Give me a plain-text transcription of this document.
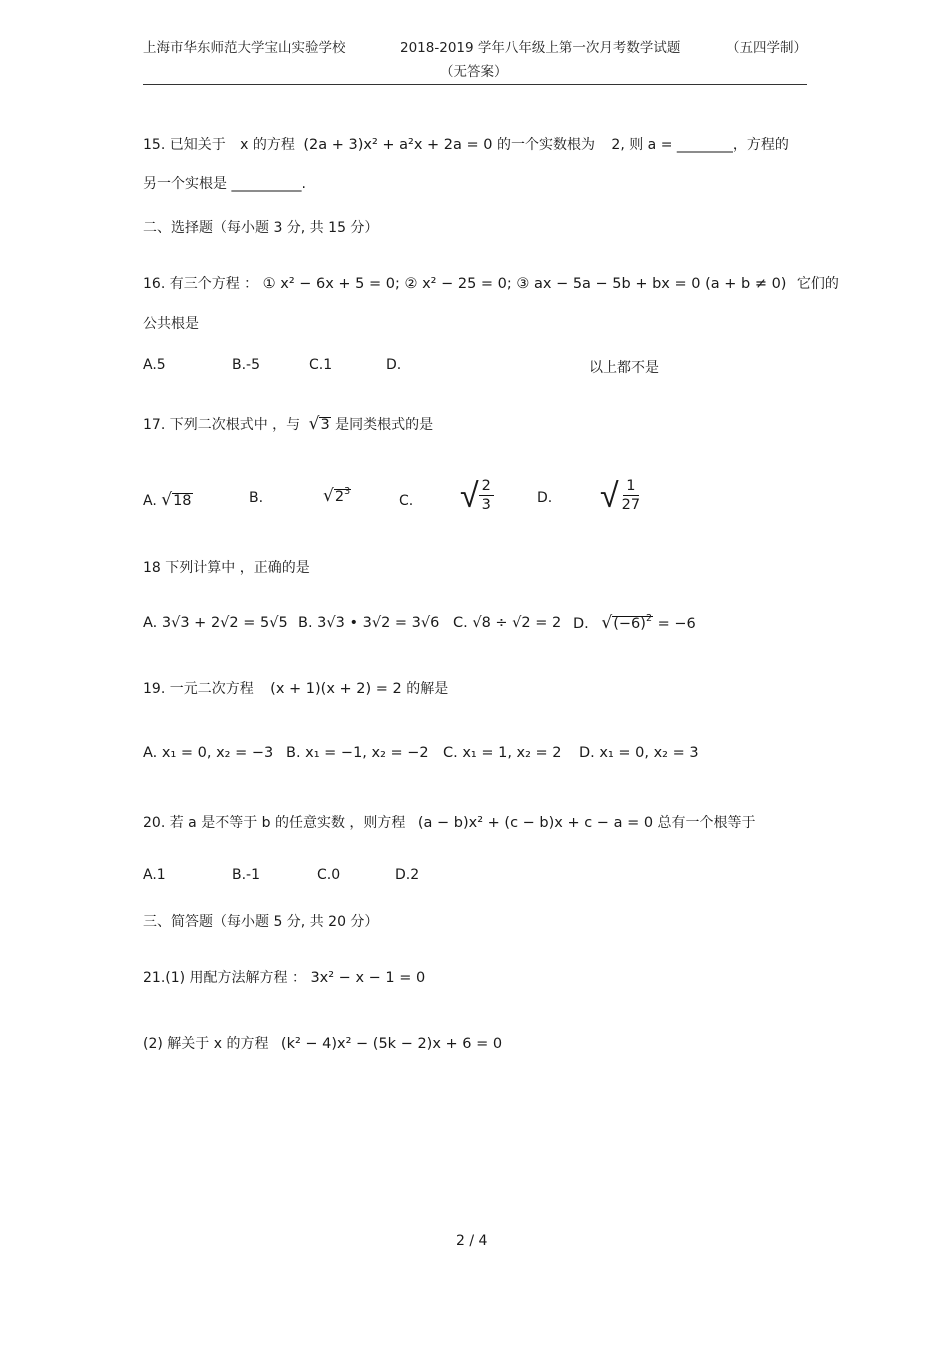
上海市华东师范大学宝山实验学校	2018-2019 学年八年级上第一次月考数学试题	（五四学制）
（无答案）
15. 已知关于 x 的方程 (2a + 3)x² + a²x + 2a = 0 的一个实数根为 2, 则 a = ________，方程的
另一个实根是 __________.
二、选择题（每小题 3 分, 共 15 分）
16. 有三个方程 ： ① x² − 6x + 5 = 0; ② x² − 25 = 0; ③ ax − 5a − 5b + bx = 0 (a + b ≠ 0) 它们的
公共根是
A.5	B.-5	C.1	D.	以上都不是
17. 下列二次根式中 ，与 √3 是同类根式的是
A. √18	B.	$√2^3$
C. √ $\frac{2}{3}$	D. √ $\frac{1}{27}$
18 下列计算中 ，正确的是
A. 3√3 + 2√2 = 5√5 B. 3√3 • 3√2 = 3√6 C. √8 ÷ √2 = 2 D. $√(-6)^2 = -6$
19. 一元二次方程 (x + 1)(x + 2) = 2 的解是
A. x₁ = 0, x₂ = −3 B. x₁ = −1, x₂ = −2 C. x₁ = 1, x₂ = 2 D. x₁ = 0, x₂ = 3
20. 若 a 是不等于 b 的任意实数 ，则方程 (a − b)x² + (c − b)x + c − a = 0 总有一个根等于
A.1	B.-1	C.0	D.2
三、简答题（每小题 5 分, 共 20 分）
21.(1) 用配方法解方程 ： 3x² − x − 1 = 0
(2) 解关于 x 的方程 (k² − 4)x² − (5k − 2)x + 6 = 0
2 / 4
